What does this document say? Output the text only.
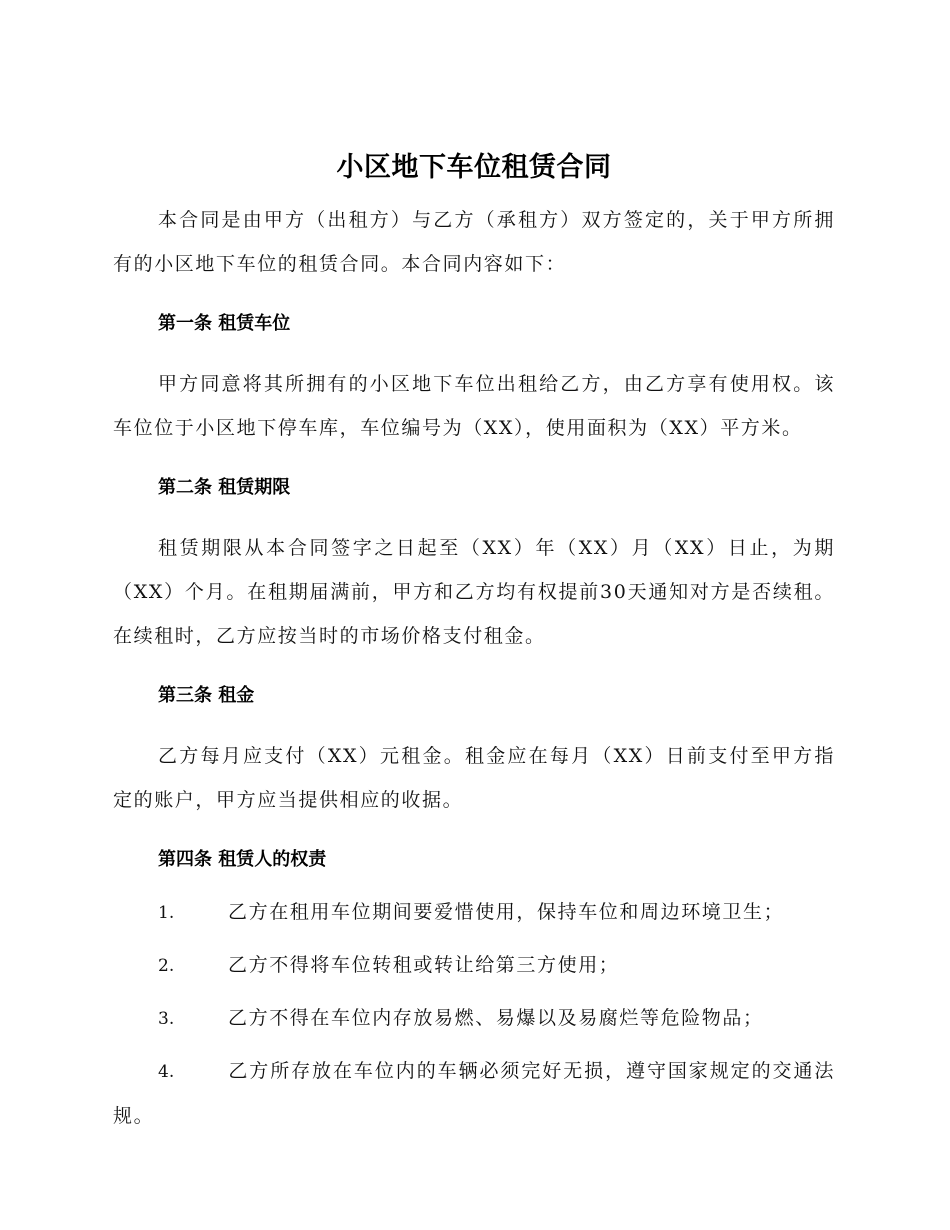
小区地下车位租赁合同

本合同是由甲方（出租方）与乙方（承租方）双方签定的，关于甲方所拥有的小区地下车位的租赁合同。本合同内容如下：

第一条 租赁车位

甲方同意将其所拥有的小区地下车位出租给乙方，由乙方享有使用权。该车位位于小区地下停车库，车位编号为（XX），使用面积为（XX）平方米。

第二条 租赁期限

租赁期限从本合同签字之日起至（XX）年（XX）月（XX）日止，为期（XX）个月。在租期届满前，甲方和乙方均有权提前30天通知对方是否续租。在续租时，乙方应按当时的市场价格支付租金。

第三条 租金

乙方每月应支付（XX）元租金。租金应在每月（XX）日前支付至甲方指定的账户，甲方应当提供相应的收据。

第四条 租赁人的权责
1.	乙方在租用车位期间要爱惜使用，保持车位和周边环境卫生；
2.	乙方不得将车位转租或转让给第三方使用；
3.	乙方不得在车位内存放易燃、易爆以及易腐烂等危险物品；
4.	乙方所存放在车位内的车辆必须完好无损，遵守国家规定的交通法规。
